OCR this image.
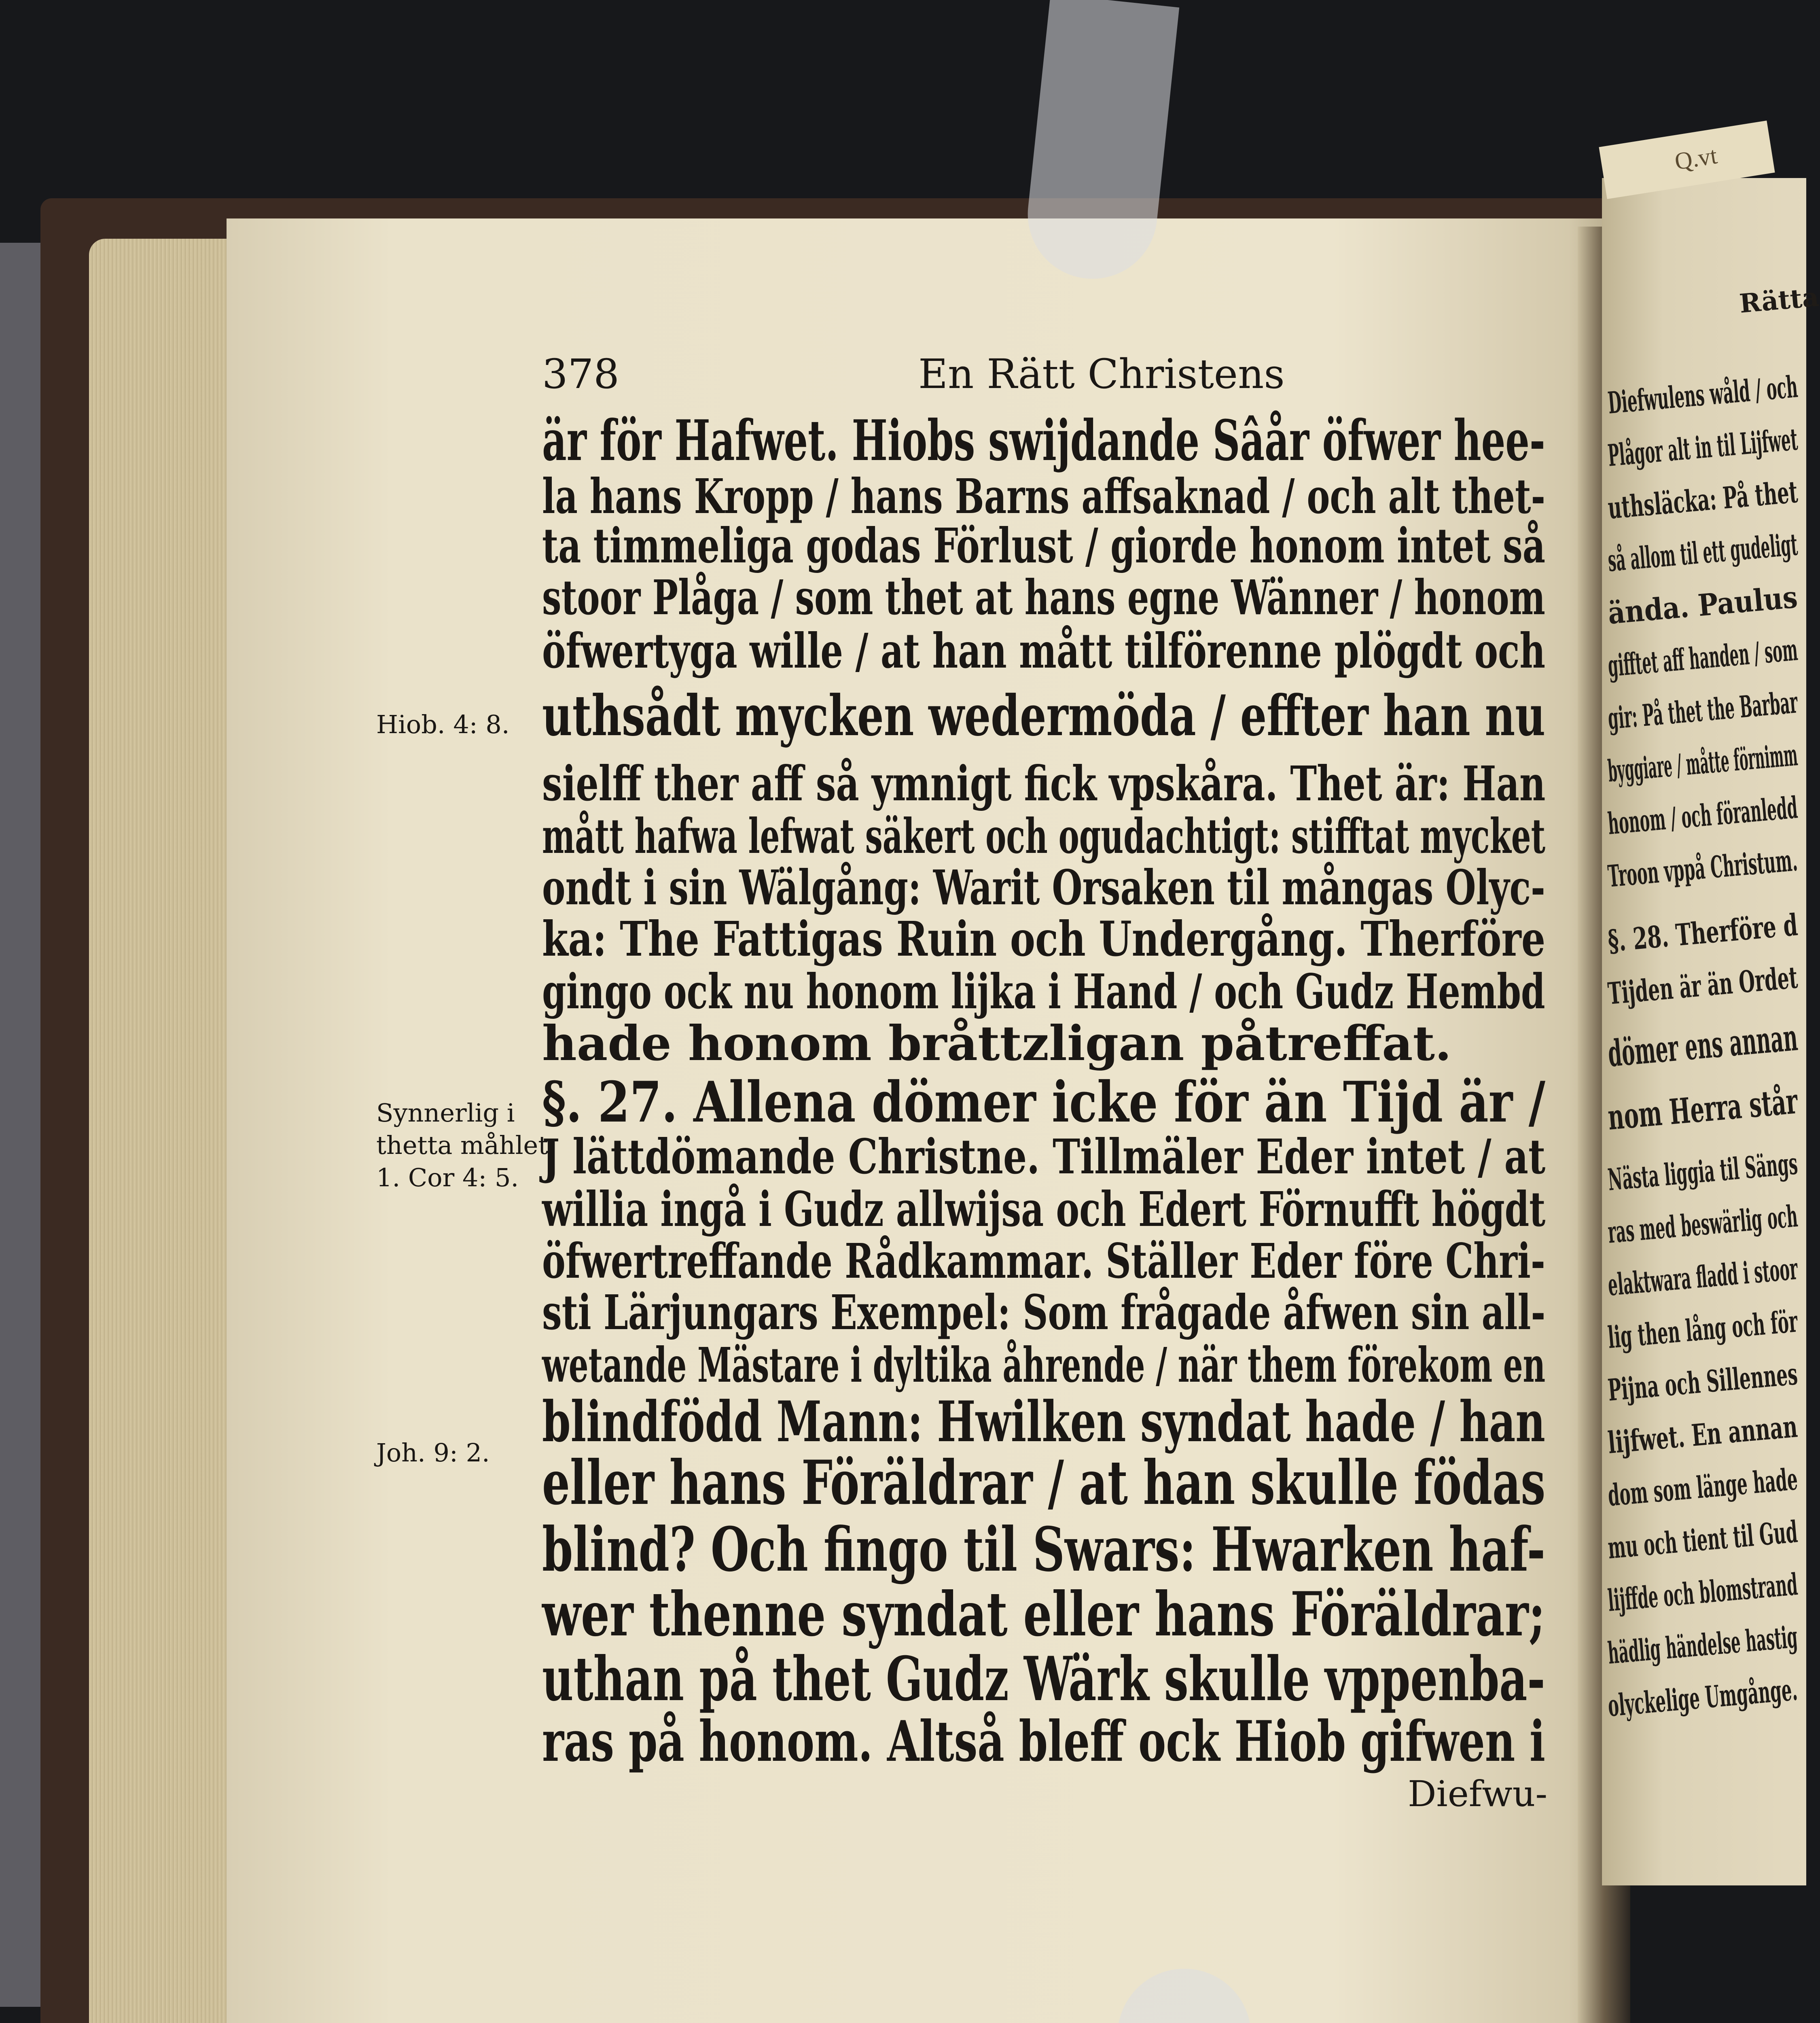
Q.vt
378	En Rätt Christens
är för Hafwet. Hiobs swijdande Sâår öfwer hee-
la hans Kropp / hans Barns affsaknad / och alt thet-
ta timmeliga godas Förlust / giorde honom intet så
stoor Plåga / som thet at hans egne Wänner / honom
öfwertyga wille / at han mått tilförenne plögdt och
uthsådt mycken wedermöda / effter han nu
sielff ther aff så ymnigt fick vpskåra. Thet är: Han
mått hafwa lefwat säkert och ogudachtigt: stifftat mycket
ondt i sin Wälgång: Warit Orsaken til mångas Olyc-
ka: The Fattigas Ruin och Undergång. Therföre
gingo ock nu honom lijka i Hand / och Gudz Hembd
hade honom bråttzligan påtreffat.
§. 27. Allena dömer icke för än Tijd är /
J lättdömande Christne. Tillmäler Eder intet / at
willia ingå i Gudz allwijsa och Edert Förnufft högdt
öfwertreffande Rådkammar. Ställer Eder före Chri-
sti Lärjungars Exempel: Som frågade åfwen sin all-
wetande Mästare i dyltika åhrende / när them förekom en
blindfödd Mann: Hwilken syndat hade / han
eller hans Föräldrar / at han skulle födas
blind? Och fingo til Swars: Hwarken haf-
wer thenne syndat eller hans Föräldrar;
uthan på thet Gudz Wärk skulle vppenba-
ras på honom. Altså bleff ock Hiob gifwen i
Diefwu-
Hiob. 4: 8.
Synnerlig i
thetta måhlet
1. Cor 4: 5.
Joh. 9: 2.
Rätta
Diefwulens wåld / och
Plågor alt in til Lijfwet
uthsläcka: På thet
så allom til ett gudeligt
ända. Paulus
gifftet aff handen / som
gir: På thet the Barbar
byggiare / måtte förnimm
honom / och föranledd
Troon vppå Christum.
§. 28. Therföre d
Tijden är än Ordet
dömer ens annan
nom Herra står
Nästa liggia til Sängs
ras med beswärlig och
elaktwara fladd i stoor
lig then lång och för
Pijna och Sillennes
lijfwet. En annan
dom som länge hade
mu och tient til Gud
lijffde och blomstrand
hädlig händelse hastig
olyckelige Umgånge.
